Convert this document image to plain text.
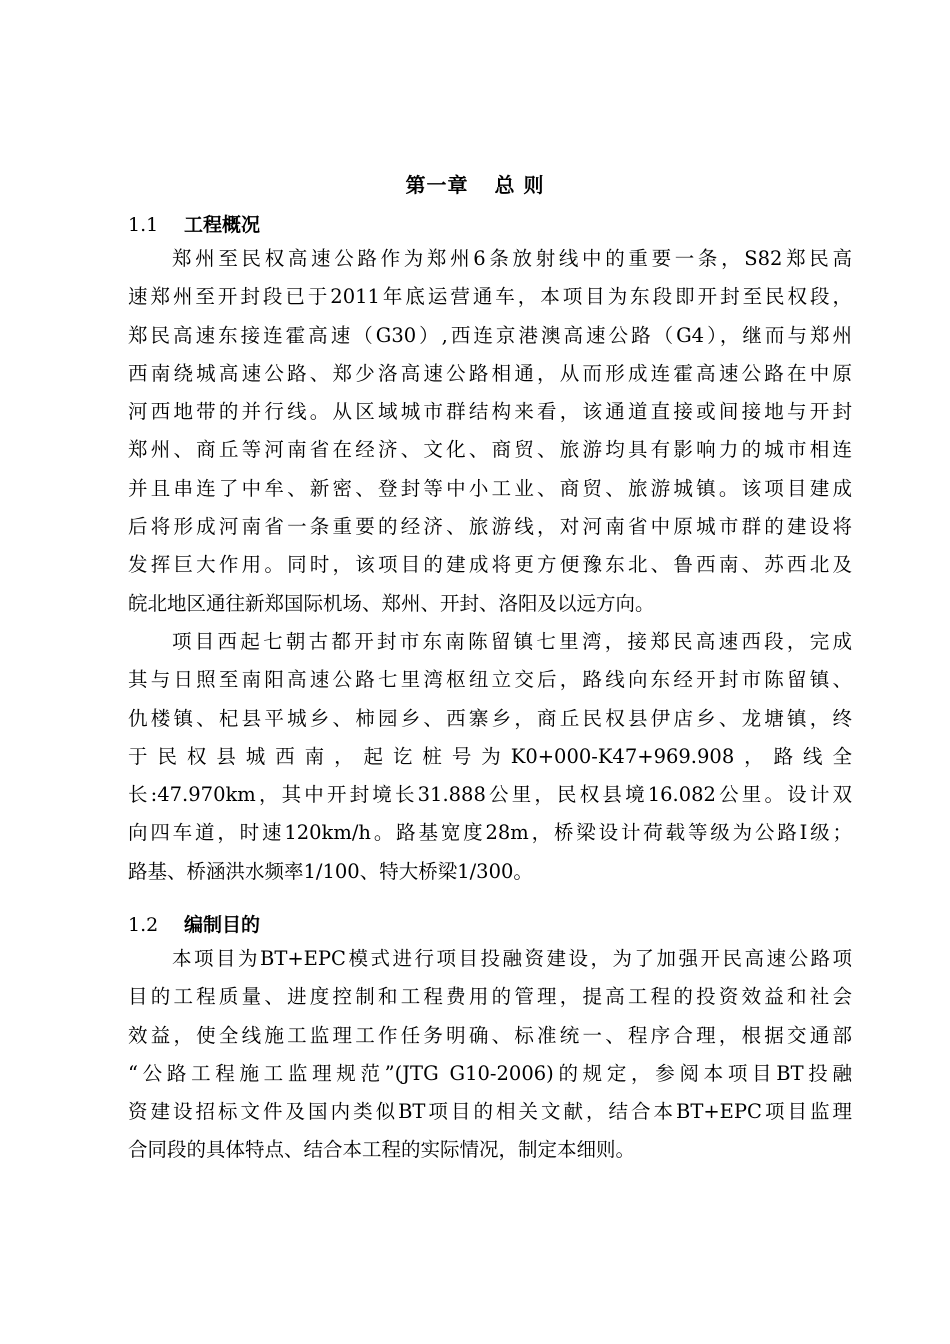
第一章 总 则
1.1 工程概况
郑州至民权高速公路作为郑州6条放射线中的重要一条，S82郑民高
速郑州至开封段已于2011年底运营通车，本项目为东段即开封至民权段，
郑民高速东接连霍高速（G30）,西连京港澳高速公路（G4），继而与郑州
西南绕城高速公路、郑少洛高速公路相通，从而形成连霍高速公路在中原
河西地带的并行线。从区域城市群结构来看，该通道直接或间接地与开封
郑州、商丘等河南省在经济、文化、商贸、旅游均具有影响力的城市相连
并且串连了中牟、新密、登封等中小工业、商贸、旅游城镇。该项目建成
后将形成河南省一条重要的经济、旅游线，对河南省中原城市群的建设将
发挥巨大作用。同时，该项目的建成将更方便豫东北、鲁西南、苏西北及
皖北地区通往新郑国际机场、郑州、开封、洛阳及以远方向。
项目西起七朝古都开封市东南陈留镇七里湾，接郑民高速西段，完成
其与日照至南阳高速公路七里湾枢纽立交后，路线向东经开封市陈留镇、
仇楼镇、杞县平城乡、柿园乡、西寨乡，商丘民权县伊店乡、龙塘镇，终
于民权县城西南，起讫桩号为K0+000-K47+969.908，路线全
长:47.970km，其中开封境长31.888公里，民权县境16.082公里。设计双
向四车道，时速120km/h。路基宽度28m，桥梁设计荷载等级为公路Ⅰ级；
路基、桥涵洪水频率1/100、特大桥梁1/300。
1.2 编制目的
本项目为BT+EPC模式进行项目投融资建设，为了加强开民高速公路项
目的工程质量、进度控制和工程费用的管理，提高工程的投资效益和社会
效益，使全线施工监理工作任务明确、标准统一、程序合理，根据交通部
“公路工程施工监理规范”(JTG G10-2006)的规定，参阅本项目BT投融
资建设招标文件及国内类似BT项目的相关文献，结合本BT+EPC项目监理
合同段的具体特点、结合本工程的实际情况，制定本细则。
